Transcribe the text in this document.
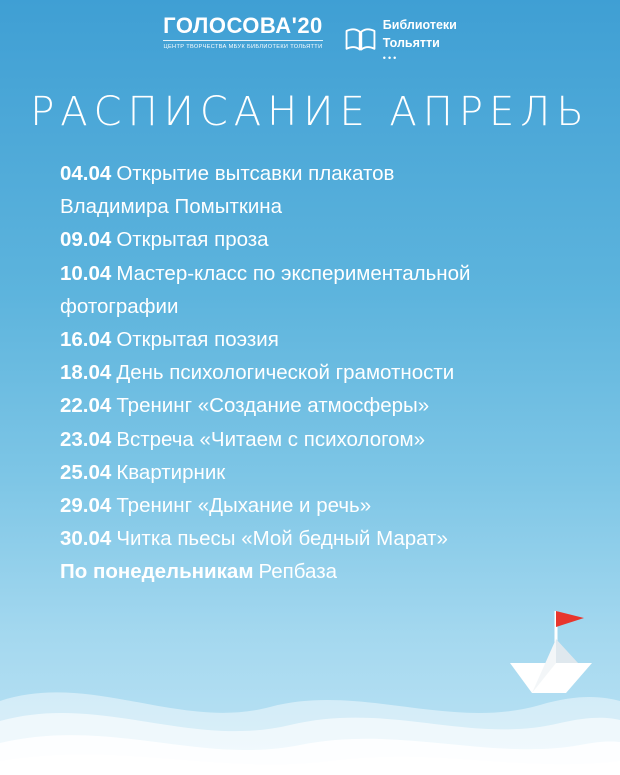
ГОЛОСОВА'20
ЦЕНТР ТВОРЧЕСТВА МБУК БИБЛИОТЕКИ ТОЛЬЯТТИ
Библиотеки
Тольятти
•••
РАСПИСАНИЕ АПРЕЛЬ
04.04 Открытие вытсавки плакатов
Владимира Помыткина
09.04 Открытая проза
10.04 Мастер-класс по экспериментальной
фотографии
16.04 Открытая поэзия
18.04 День психологической грамотности
22.04 Тренинг «Создание атмосферы»
23.04 Встреча «Читаем с психологом»
25.04 Квартирник
29.04 Тренинг «Дыхание и речь»
30.04 Читка пьесы «Мой бедный Марат»
По понедельникам Репбаза
